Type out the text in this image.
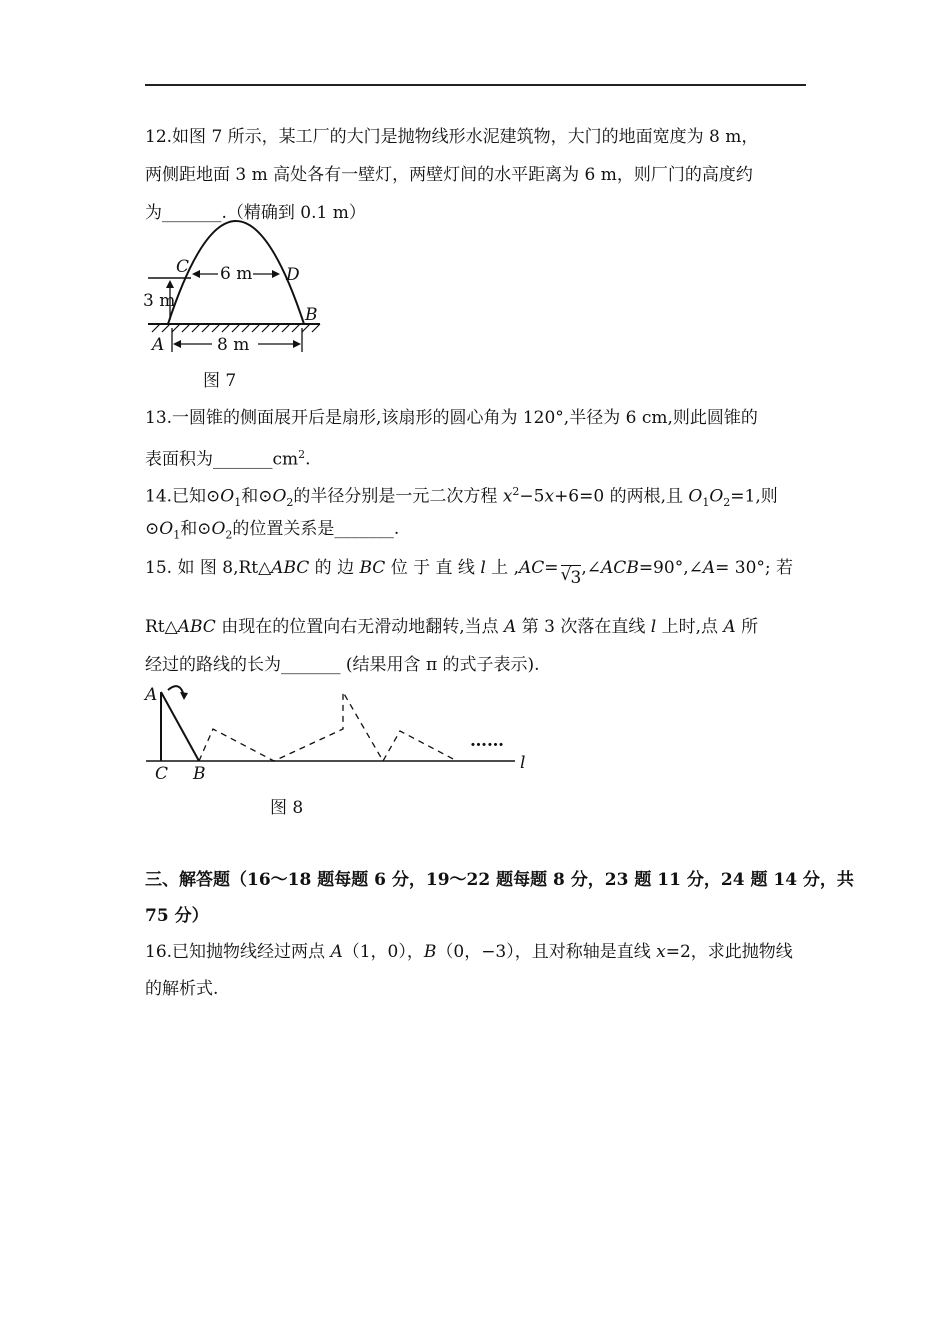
12.如图 7 所示，某工厂的大门是抛物线形水泥建筑物，大门的地面宽度为 8 m，
两侧距地面 3 m 高处各有一壁灯，两壁灯间的水平距离为 6 m，则厂门的高度约
为_______.（精确到 0.1 m）
C	D
6 m
3 m
A
B
8 m
图 7
13.一圆锥的侧面展开后是扇形,该扇形的圆心角为 120°,半径为 6 cm,则此圆锥的
表面积为$\_\_\_\_\_\_\_cm^2$.
14.已知$⊙O_1$和$⊙O_2$的半径分别是一元二次方程 $x^2-5x+6=0$ 的两根,且 $O_1O_2=1$,则
$⊙O_1$和$⊙O_2$的位置关系是_______.
15. 如 图 8,Rt△ABC 的 边 BC 位 于 直 线 l 上 ,AC= √ 3,∠ACB=90°,∠A= 30°; 若
Rt△ABC 由现在的位置向右无滑动地翻转,当点 A 第 3 次落在直线 l 上时,点 A 所
经过的路线的长为_______ (结果用含 π 的式子表示).
A
C B
l
……
图 8
三、解答题（16～18 题每题 6 分，19～22 题每题 8 分，23 题 11 分，24 题 14 分，共
75 分）
16.已知抛物线经过两点 A（1，0），B（0，−3），且对称轴是直线 x=2，求此抛物线
的解析式.
